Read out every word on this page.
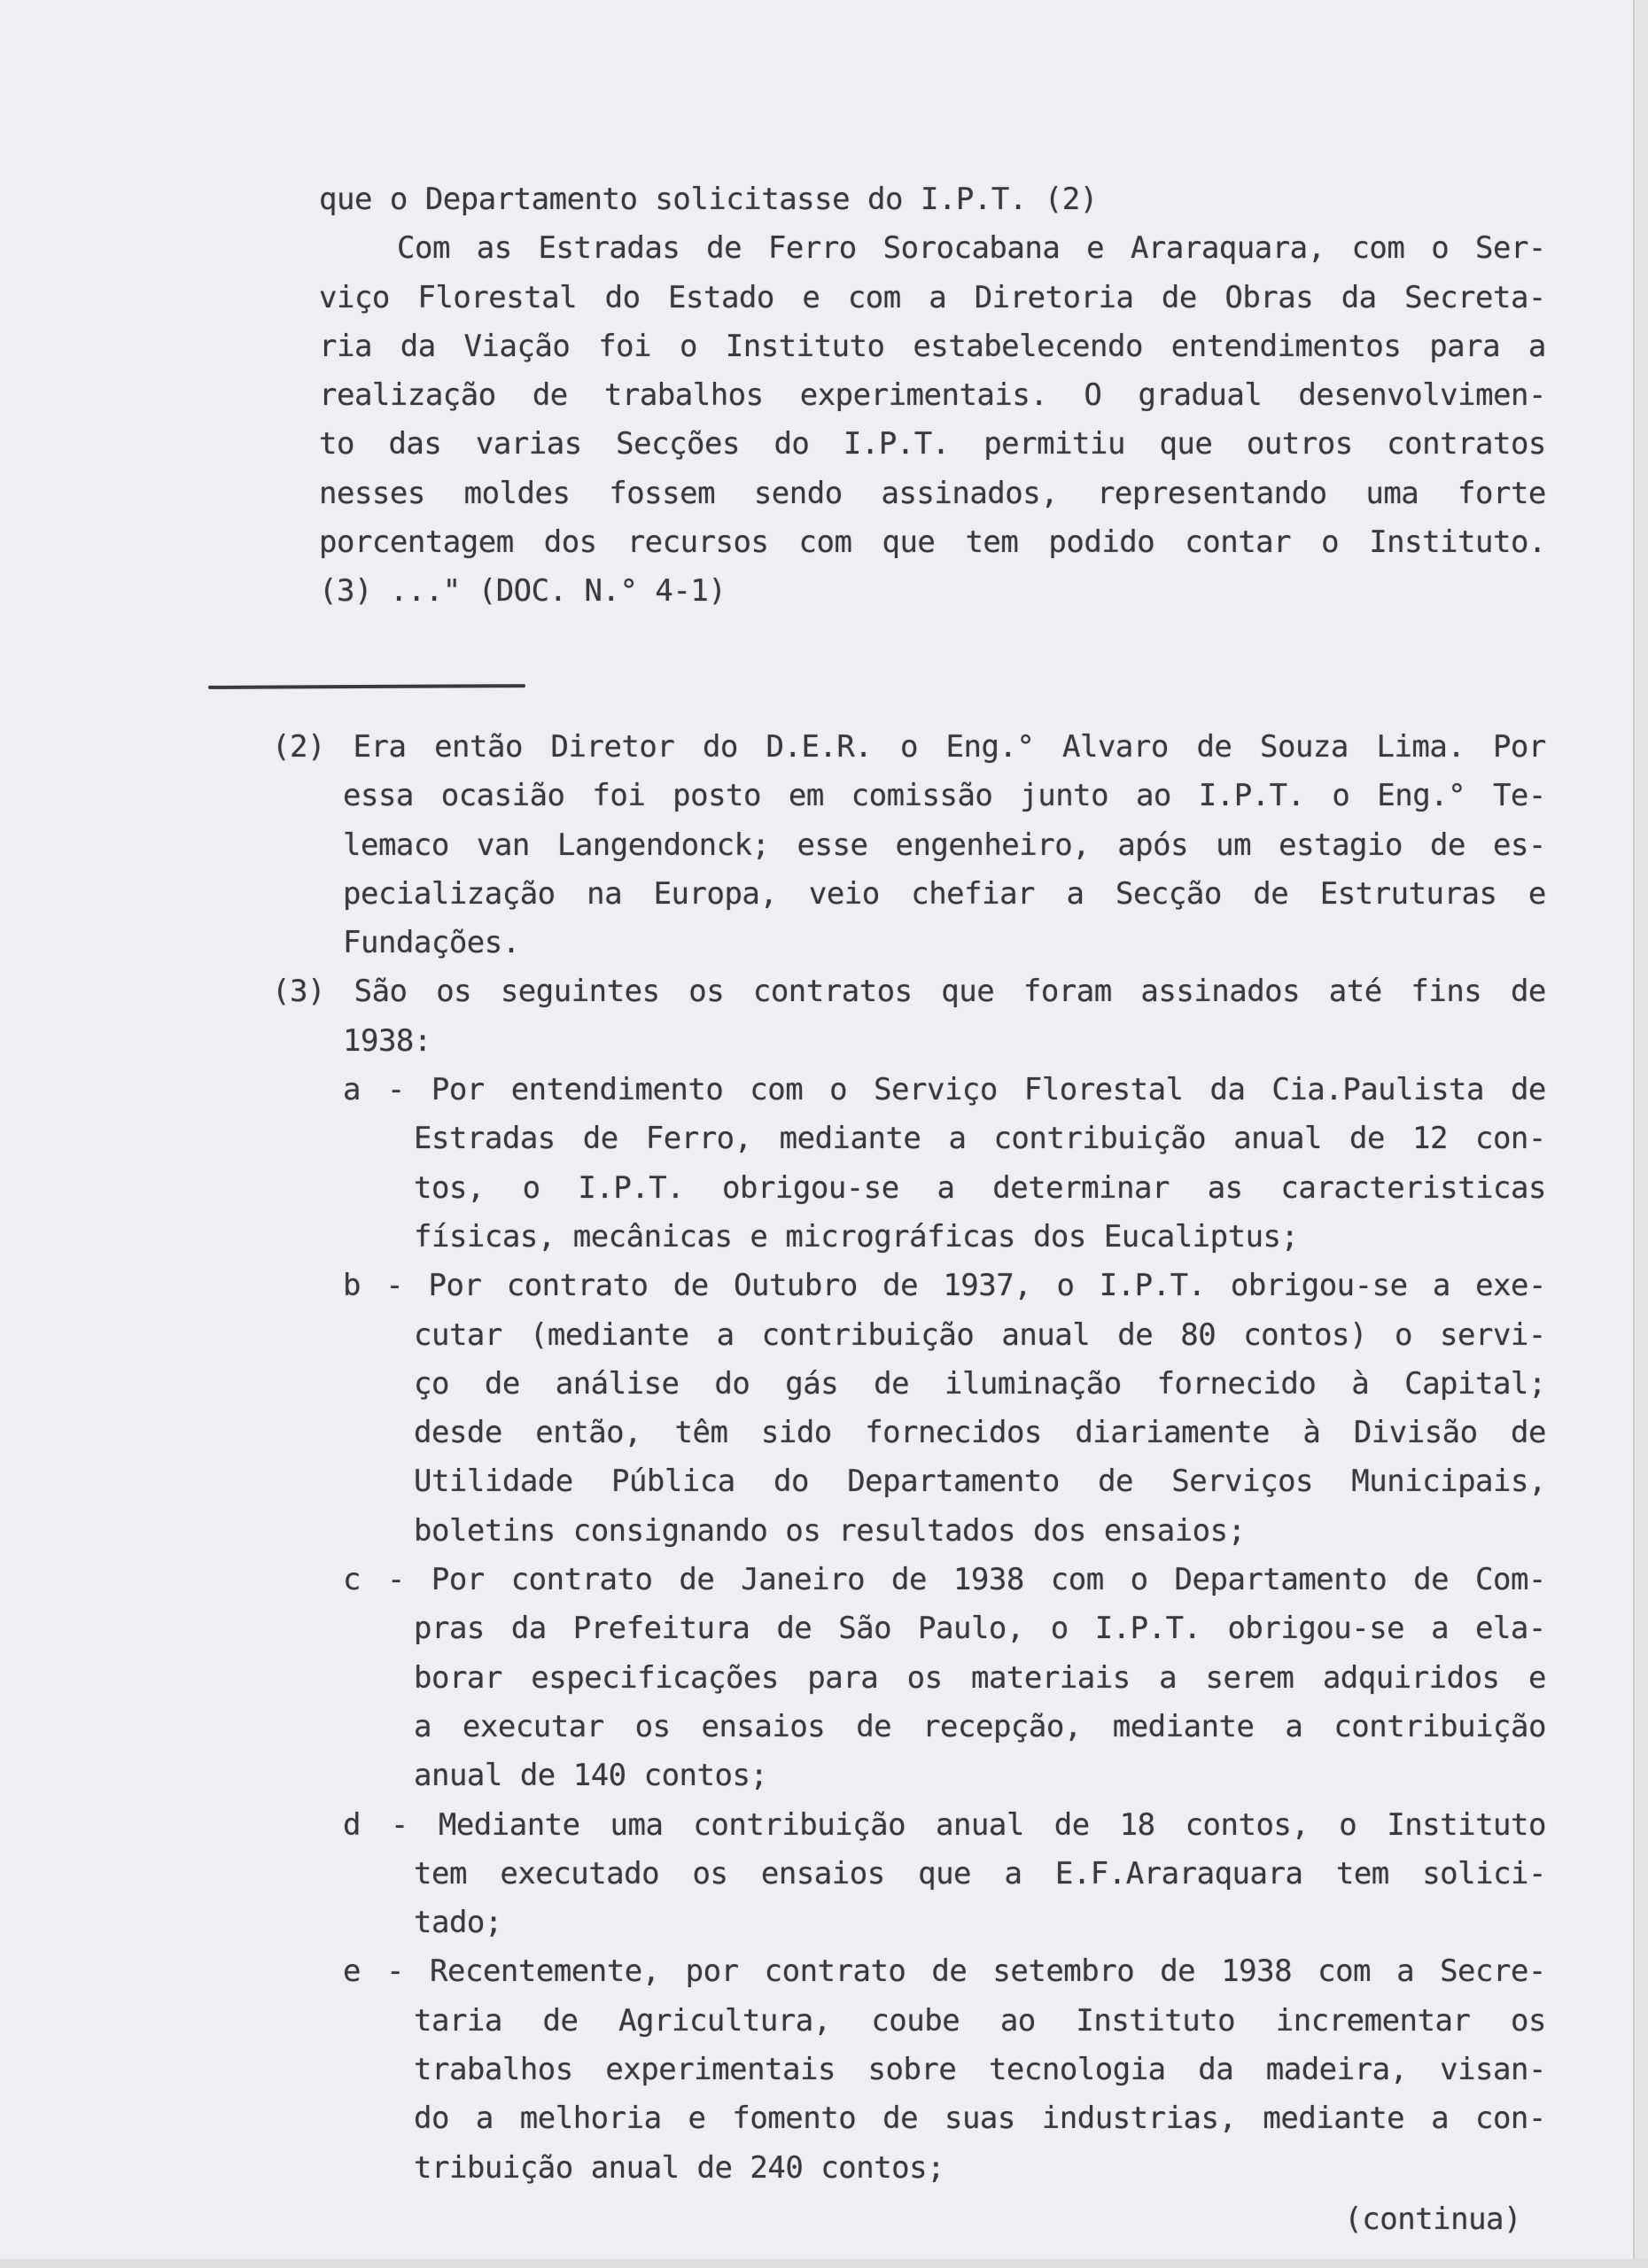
que o Departamento solicitasse do I.P.T. (2)
Com as Estradas de Ferro Sorocabana e Araraquara, com o Ser-
viço Florestal do Estado e com a Diretoria de Obras da Secreta-
ria da Viação foi o Instituto estabelecendo entendimentos para a
realização de trabalhos experimentais. O gradual desenvolvimen-
to das varias Secções do I.P.T. permitiu que outros contratos
nesses moldes fossem sendo assinados, representando uma forte
porcentagem dos recursos com que tem podido contar o Instituto.
(3) ..." (DOC. N.° 4-1)
(2) Era então Diretor do D.E.R. o Eng.° Alvaro de Souza Lima. Por
essa ocasião foi posto em comissão junto ao I.P.T. o Eng.° Te-
lemaco van Langendonck; esse engenheiro, após um estagio de es-
pecialização na Europa, veio chefiar a Secção de Estruturas e
Fundações.
(3) São os seguintes os contratos que foram assinados até fins de
1938:
a - Por entendimento com o Serviço Florestal da Cia.Paulista de
Estradas de Ferro, mediante a contribuição anual de 12 con-
tos, o I.P.T. obrigou-se a determinar as caracteristicas
físicas, mecânicas e micrográficas dos Eucaliptus;
b - Por contrato de Outubro de 1937, o I.P.T. obrigou-se a exe-
cutar (mediante a contribuição anual de 80 contos) o servi-
ço de análise do gás de iluminação fornecido à Capital;
desde então, têm sido fornecidos diariamente à Divisão de
Utilidade Pública do Departamento de Serviços Municipais,
boletins consignando os resultados dos ensaios;
c - Por contrato de Janeiro de 1938 com o Departamento de Com-
pras da Prefeitura de São Paulo, o I.P.T. obrigou-se a ela-
borar especificações para os materiais a serem adquiridos e
a executar os ensaios de recepção, mediante a contribuição
anual de 140 contos;
d - Mediante uma contribuição anual de 18 contos, o Instituto
tem executado os ensaios que a E.F.Araraquara tem solici-
tado;
e - Recentemente, por contrato de setembro de 1938 com a Secre-
taria de Agricultura, coube ao Instituto incrementar os
trabalhos experimentais sobre tecnologia da madeira, visan-
do a melhoria e fomento de suas industrias, mediante a con-
tribuição anual de 240 contos;
(continua)
